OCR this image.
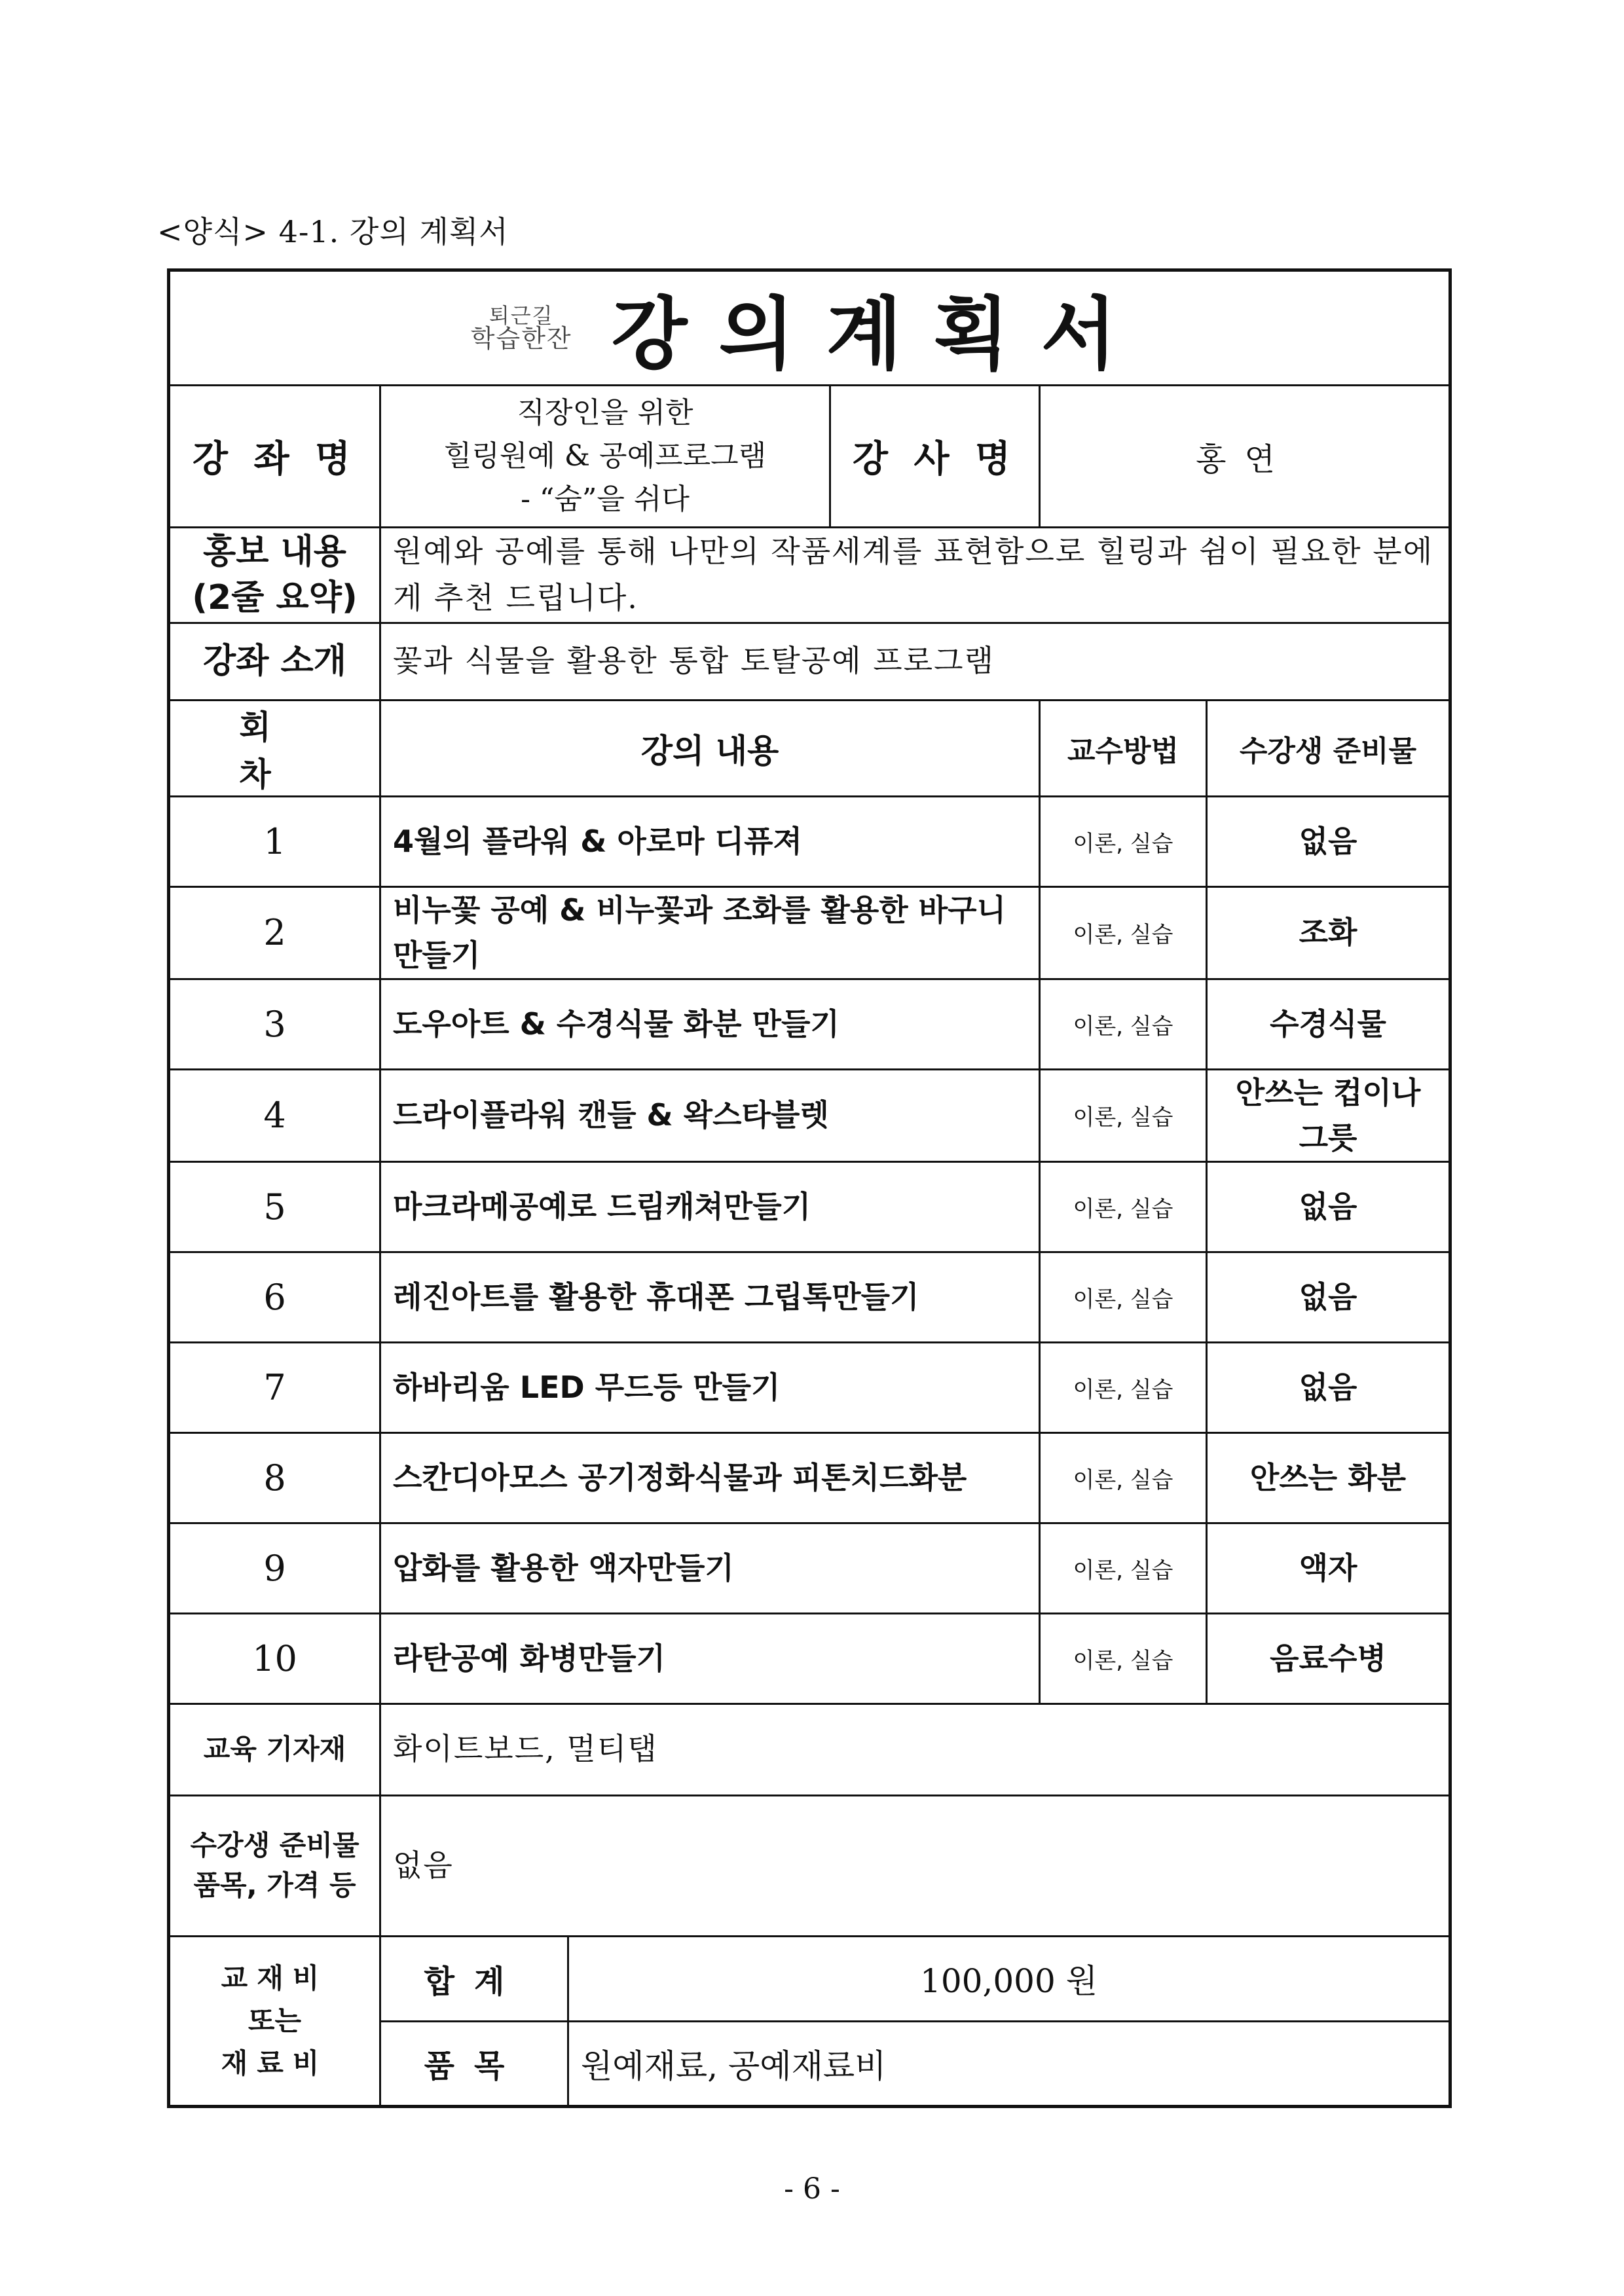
<양식> 4-1. 강의 계획서
퇴근길
학습한잔 강의계획서					

강 좌 명	직장인을 위한
힐링원예 & 공예프로그램
- “숨”을 쉬다		강 사 명	홍연	

홍보 내용
(2줄 요약)	원예와 공예를 통해 나만의 작품세계를 표현함으로 힐링과 쉼이 필요한 분에게 추천 드립니다.				
강좌 소개	꽃과 식물을 활용한 통합 토탈공예 프로그램				
회 차	강의 내용			교수방법	수강생 준비물
1	4월의 플라워 & 아로마 디퓨져			이론, 실습	없음
2	비누꽃 공예 & 비누꽃과 조화를 활용한 바구니 만들기			이론, 실습	조화
3	도우아트 & 수경식물 화분 만들기			이론, 실습	수경식물
4	드라이플라워 캔들 & 왁스타블렛			이론, 실습	안쓰는 컵이나 그릇
5	마크라메공예로 드림캐쳐만들기			이론, 실습	없음
6	레진아트를 활용한 휴대폰 그립톡만들기			이론, 실습	없음
7	하바리움 LED 무드등 만들기			이론, 실습	없음
8	스칸디아모스 공기정화식물과 피톤치드화분			이론, 실습	안쓰는 화분
9	압화를 활용한 액자만들기			이론, 실습	액자
10	라탄공예 화병만들기			이론, 실습	음료수병
교육 기자재	화이트보드, 멀티탭				

수강생 준비물
품목, 가격 등	없음				

교재비
또는
재료비	합계	100,000 원			
	품목	원예재료, 공예재료비			
- 6 -
